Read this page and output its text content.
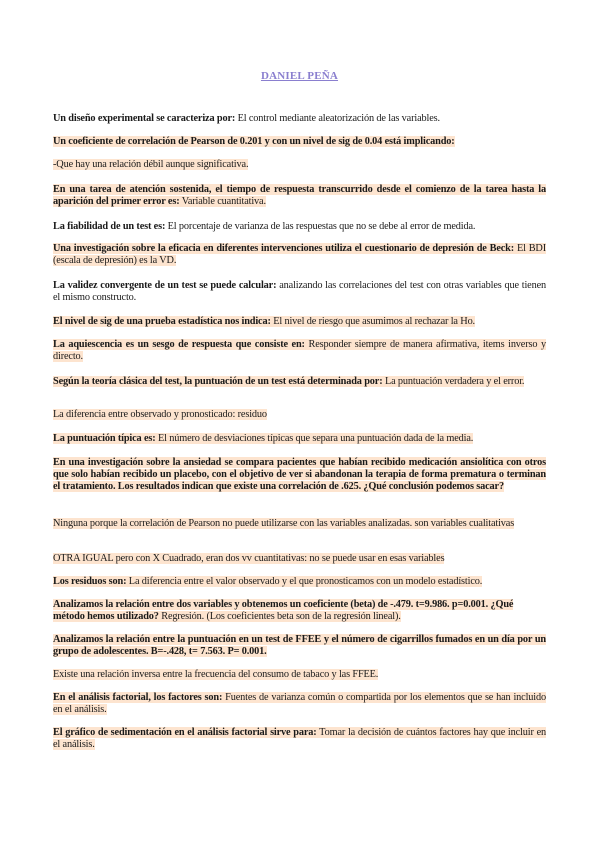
DANIEL PEÑA

Un diseño experimental se caracteriza por: El control mediante aleatorización de las variables.

Un coeficiente de correlación de Pearson de 0.201 y con un nivel de sig de 0.04 está implicando:

-Que hay una relación débil aunque significativa.

En una tarea de atención sostenida, el tiempo de respuesta transcurrido desde el comienzo de la tarea hasta la aparición del primer error es: Variable cuantitativa.

La fiabilidad de un test es: El porcentaje de varianza de las respuestas que no se debe al error de medida.

Una investigación sobre la eficacia en diferentes intervenciones utiliza el cuestionario de depresión de Beck: El BDI (escala de depresión) es la VD.

La validez convergente de un test se puede calcular: analizando las correlaciones del test con otras variables que tienen el mismo constructo.

El nivel de sig de una prueba estadística nos indica: El nivel de riesgo que asumimos al rechazar la Ho.

La aquiescencia es un sesgo de respuesta que consiste en: Responder siempre de manera afirmativa, items inverso y directo.

Según la teoría clásica del test, la puntuación de un test está determinada por: La puntuación verdadera y el error.

La diferencia entre observado y pronosticado: residuo

La puntuación típica es: El número de desviaciones típicas que separa una puntuación dada de la media.

En una investigación sobre la ansiedad se compara pacientes que habían recibido medicación ansiolítica con otros que solo habían recibido un placebo, con el objetivo de ver si abandonan la terapia de forma prematura o terminan el tratamiento. Los resultados indican que existe una correlación de .625. ¿Qué conclusión podemos sacar?

Ninguna porque la correlación de Pearson no puede utilizarse con las variables analizadas. son variables cualitativas

OTRA IGUAL pero con X Cuadrado, eran dos vv cuantitativas: no se puede usar en esas variables

Los residuos son: La diferencia entre el valor observado y el que pronosticamos con un modelo estadístico.

Analizamos la relación entre dos variables y obtenemos un coeficiente (beta) de -.479. t=9.986. p=0.001. ¿Qué método hemos utilizado? Regresión. (Los coeficientes beta son de la regresión lineal).

Analizamos la relación entre la puntuación en un test de FFEE y el número de cigarrillos fumados en un día por un grupo de adolescentes. B=-.428, t= 7.563. P= 0.001.

Existe una relación inversa entre la frecuencia del consumo de tabaco y las FFEE.

En el análisis factorial, los factores son: Fuentes de varianza común o compartida por los elementos que se han incluido en el análisis.

El gráfico de sedimentación en el análisis factorial sirve para: Tomar la decisión de cuántos factores hay que incluir en el análisis.
